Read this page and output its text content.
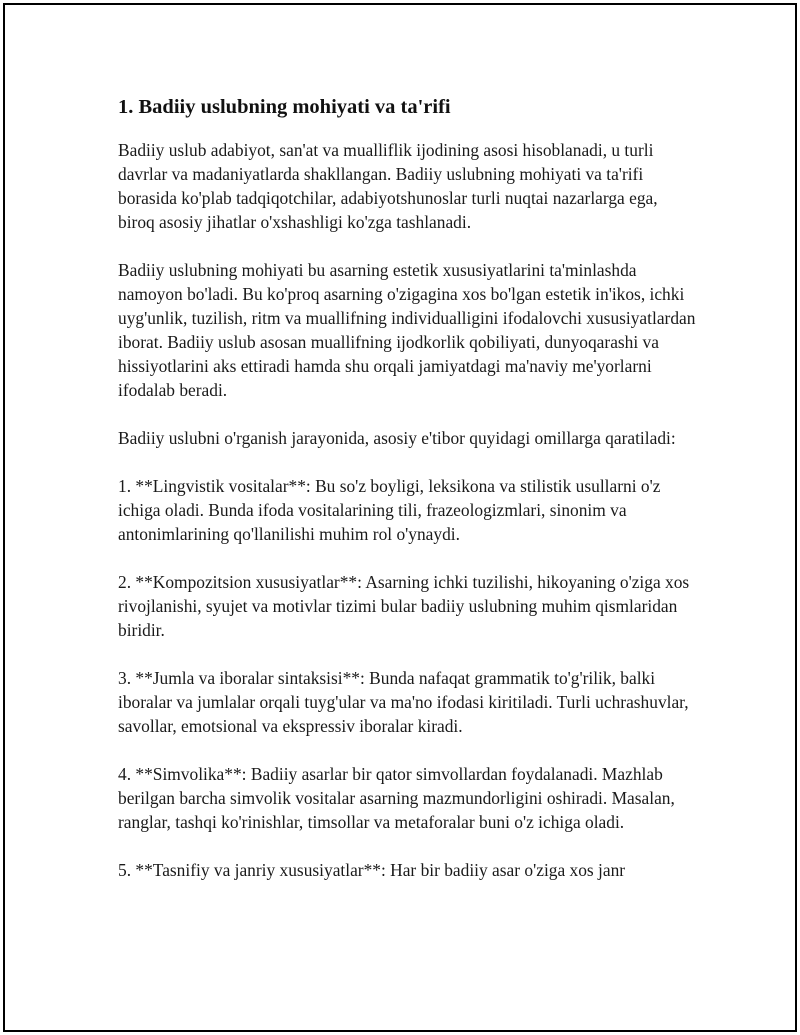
1. Badiiy uslubning mohiyati va ta'rifi

Badiiy uslub adabiyot, san'at va mualliflik ijodining asosi hisoblanadi, u turli davrlar va madaniyatlarda shakllangan. Badiiy uslubning mohiyati va ta'rifi borasida ko'plab tadqiqotchilar, adabiyotshunoslar turli nuqtai nazarlarga ega, biroq asosiy jihatlar o'xshashligi ko'zga tashlanadi.

Badiiy uslubning mohiyati bu asarning estetik xususiyatlarini ta'minlashda namoyon bo'ladi. Bu ko'proq asarning o'zigagina xos bo'lgan estetik in'ikos, ichki uyg'unlik, tuzilish, ritm va muallifning individualligini ifodalovchi xususiyatlardan iborat. Badiiy uslub asosan muallifning ijodkorlik qobiliyati, dunyoqarashi va hissiyotlarini aks ettiradi hamda shu orqali jamiyatdagi ma'naviy me'yorlarni ifodalab beradi.

Badiiy uslubni o'rganish jarayonida, asosiy e'tibor quyidagi omillarga qaratiladi:

1. **Lingvistik vositalar**: Bu so'z boyligi, leksikona va stilistik usullarni o'z ichiga oladi. Bunda ifoda vositalarining tili, frazeologizmlari, sinonim va antonimlarining qo'llanilishi muhim rol o'ynaydi.

2. **Kompozitsion xususiyatlar**: Asarning ichki tuzilishi, hikoyaning o'ziga xos rivojlanishi, syujet va motivlar tizimi bular badiiy uslubning muhim qismlaridan biridir.

3. **Jumla va iboralar sintaksisi**: Bunda nafaqat grammatik to'g'rilik, balki iboralar va jumlalar orqali tuyg'ular va ma'no ifodasi kiritiladi. Turli uchrashuvlar, savollar, emotsional va ekspressiv iboralar kiradi.

4. **Simvolika**: Badiiy asarlar bir qator simvollardan foydalanadi. Mazhlab berilgan barcha simvolik vositalar asarning mazmundorligini oshiradi. Masalan, ranglar, tashqi ko'rinishlar, timsollar va metaforalar buni o'z ichiga oladi.

5. **Tasnifiy va janriy xususiyatlar**: Har bir badiiy asar o'ziga xos janr
